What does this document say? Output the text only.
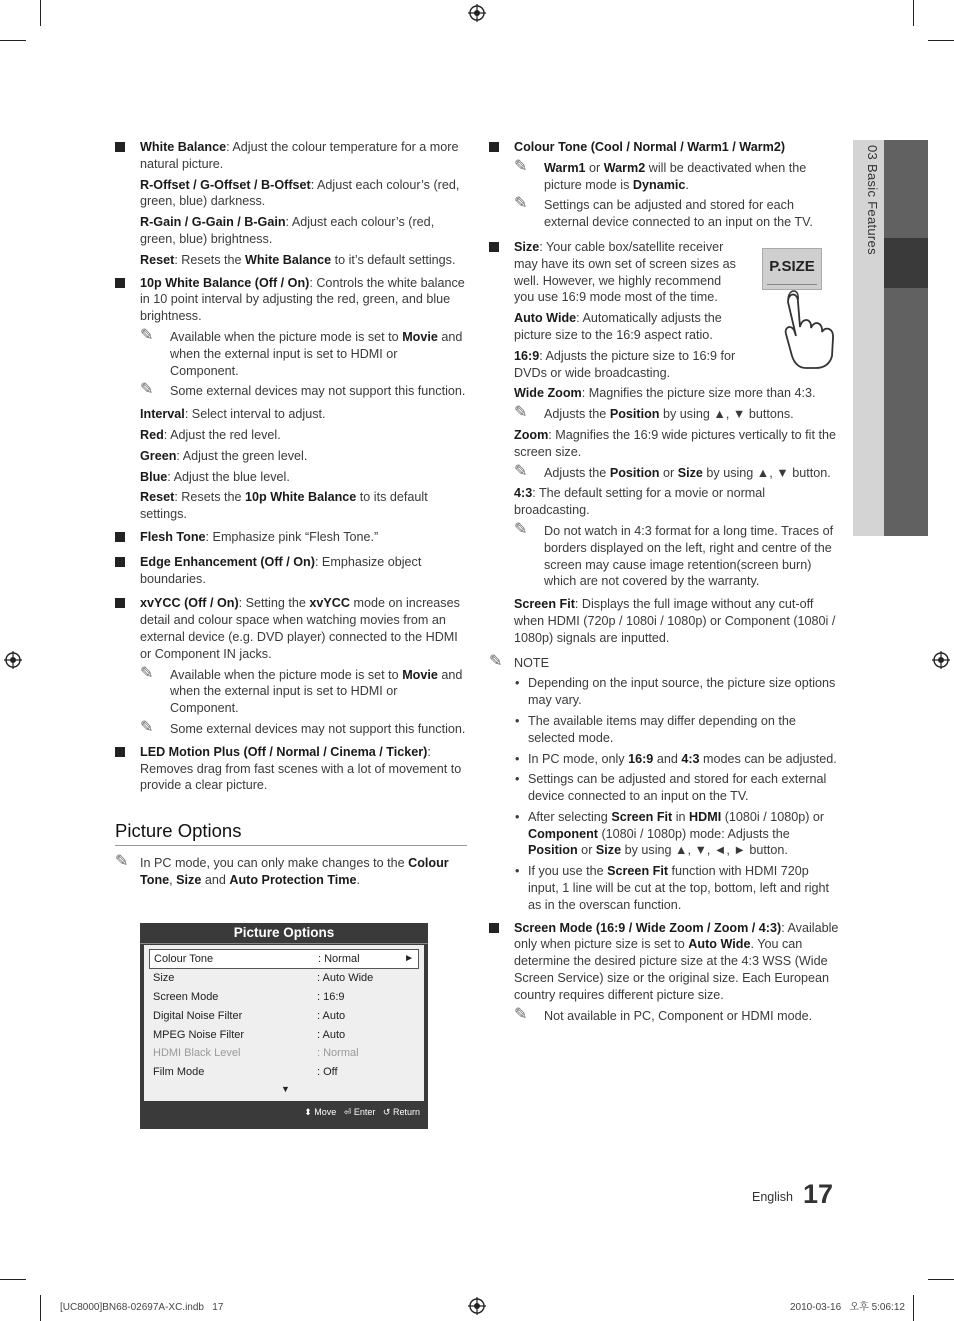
03 Basic Features
White Balance: Adjust the colour temperature for a more natural picture.
R-Offset / G-Offset / B-Offset: Adjust each colour’s (red, green, blue) darkness.
R-Gain / G-Gain / B-Gain: Adjust each colour’s (red, green, blue) brightness.
Reset: Resets the White Balance to it’s default settings.
10p White Balance (Off / On): Controls the white balance in 10 point interval by adjusting the red, green, and blue brightness.
✎ Available when the picture mode is set to Movie and when the external input is set to HDMI or Component.
✎ Some external devices may not support this function.
Interval: Select interval to adjust.
Red: Adjust the red level.
Green: Adjust the green level.
Blue: Adjust the blue level.
Reset: Resets the 10p White Balance to its default settings.
Flesh Tone: Emphasize pink “Flesh Tone.”
Edge Enhancement (Off / On): Emphasize object boundaries.
xvYCC (Off / On): Setting the xvYCC mode on increases detail and colour space when watching movies from an external device (e.g. DVD player) connected to the HDMI or Component IN jacks.
✎ Available when the picture mode is set to Movie and when the external input is set to HDMI or Component.
✎ Some external devices may not support this function.
LED Motion Plus (Off / Normal / Cinema / Ticker): Removes drag from fast scenes with a lot of movement to provide a clear picture.
Picture Options
✎ In PC mode, you can only make changes to the Colour Tone, Size and Auto Protection Time.
Picture Options
Colour Tone	: Normal	►
Size	: Auto Wide
Screen Mode	: 16:9
Digital Noise Filter	: Auto
MPEG Noise Filter	: Auto
HDMI Black Level	: Normal
Film Mode	: Off
▼
⬍ Move ⏎ Enter ↺ Return
Colour Tone (Cool / Normal / Warm1 / Warm2)
✎ Warm1 or Warm2 will be deactivated when the picture mode is Dynamic.
✎ Settings can be adjusted and stored for each external device connected to an input on the TV.
Size: Your cable box/satellite receiver may have its own set of screen sizes as well. However, we highly recommend you use 16:9 mode most of the time.
Auto Wide: Automatically adjusts the picture size to the 16:9 aspect ratio.
16:9: Adjusts the picture size to 16:9 for DVDs or wide broadcasting.
Wide Zoom: Magnifies the picture size more than 4:3.
✎ Adjusts the Position by using ▲, ▼ buttons.
Zoom: Magnifies the 16:9 wide pictures vertically to fit the screen size.
✎ Adjusts the Position or Size by using ▲, ▼ button.
4:3: The default setting for a movie or normal broadcasting.
✎ Do not watch in 4:3 format for a long time. Traces of borders displayed on the left, right and centre of the screen may cause image retention(screen burn) which are not covered by the warranty.
Screen Fit: Displays the full image without any cut-off when HDMI (720p / 1080i / 1080p) or Component (1080i / 1080p) signals are inputted.
✎ NOTE
• Depending on the input source, the picture size options may vary.
• The available items may differ depending on the selected mode.
• In PC mode, only 16:9 and 4:3 modes can be adjusted.
• Settings can be adjusted and stored for each external device connected to an input on the TV.
• After selecting Screen Fit in HDMI (1080i / 1080p) or Component (1080i / 1080p) mode: Adjusts the Position or Size by using ▲, ▼, ◄, ► button.
• If you use the Screen Fit function with HDMI 720p input, 1 line will be cut at the top, bottom, left and right as in the overscan function.
Screen Mode (16:9 / Wide Zoom / Zoom / 4:3): Available only when picture size is set to Auto Wide. You can determine the desired picture size at the 4:3 WSS (Wide Screen Service) size or the original size. Each European country requires different picture size.
✎ Not available in PC, Component or HDMI mode.
P.SIZE
English 17
[UC8000]BN68-02697A-XC.indb   17	2010-03-16   오후 5:06:12
